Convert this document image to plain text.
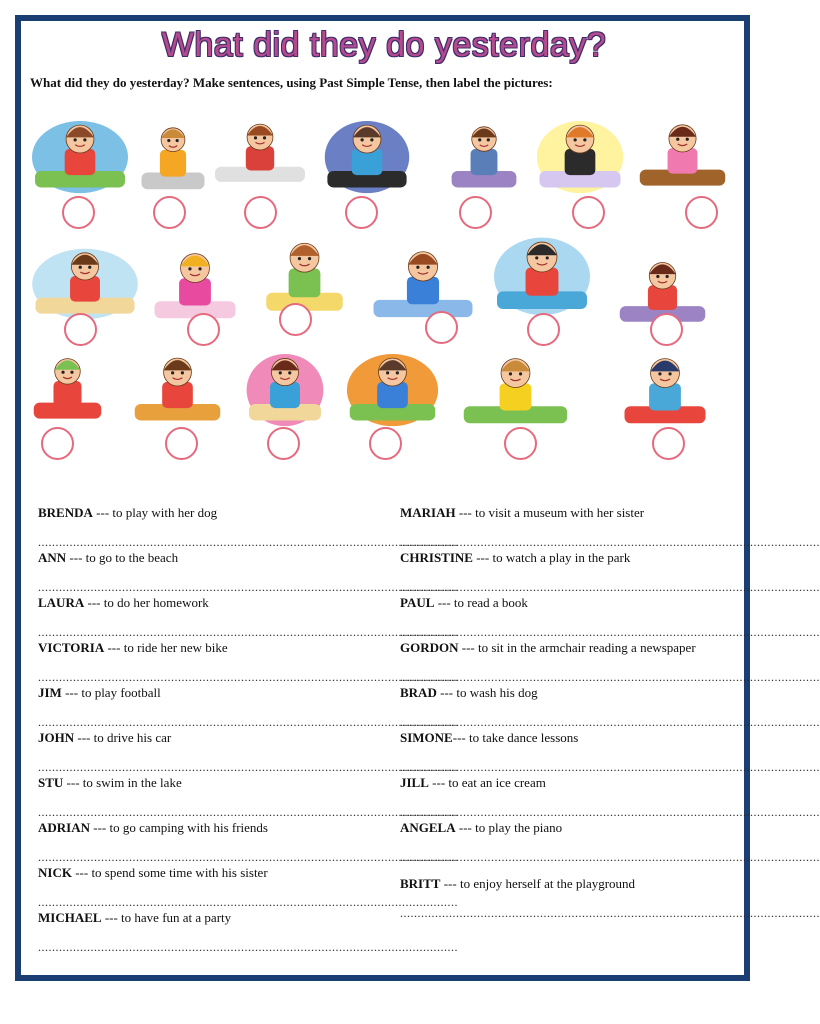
What did they do yesterday?
What did they do yesterday? Make sentences, using Past Simple Tense, then label the pictures:

BRENDA --- to play with her dog

........................................................................................................................

ANN --- to go to the beach

........................................................................................................................

LAURA --- to do her homework

........................................................................................................................

VICTORIA --- to ride her new bike

........................................................................................................................

JIM --- to play football

........................................................................................................................

JOHN --- to drive his car

........................................................................................................................

STU --- to swim in the lake

........................................................................................................................

ADRIAN --- to go camping with his friends

........................................................................................................................

NICK --- to spend some time with his sister

........................................................................................................................

MICHAEL --- to have fun at a party

........................................................................................................................

MARIAH --- to visit a museum with her sister

........................................................................................................................

CHRISTINE --- to watch a play in the park

........................................................................................................................

PAUL --- to read a book

........................................................................................................................

GORDON --- to sit in the armchair reading a newspaper

........................................................................................................................

BRAD --- to wash his dog

........................................................................................................................

SIMONE--- to take dance lessons

........................................................................................................................

JILL --- to eat an ice cream

........................................................................................................................

ANGELA --- to play the piano

........................................................................................................................

BRITT --- to enjoy herself at the playground

........................................................................................................................
